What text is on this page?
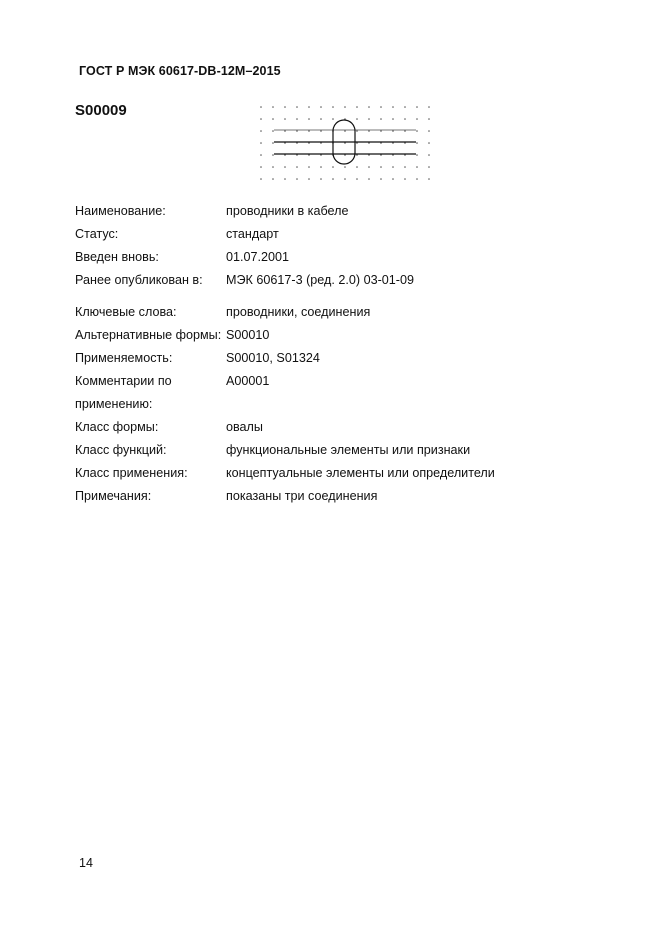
ГОСТ Р МЭК 60617-DB-12M–2015
S00009
Наименование:	проводники в кабеле
Статус:	стандарт
Введен вновь:	01.07.2001
Ранее опубликован в:	МЭК 60617-3 (ред. 2.0) 03-01-09
Ключевые слова:	проводники, соединения
Альтернативные формы: S00010
Применяемость:	S00010, S01324
Комментарии по применению:
A00001
Класс формы:	овалы
Класс функций:	функциональные элементы или признаки
Класс применения:	концептуальные элементы или определители
Примечания:	показаны три соединения
14
